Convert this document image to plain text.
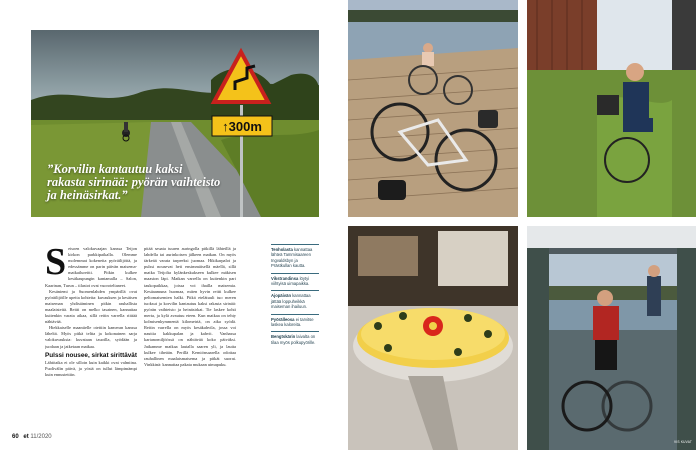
↑300m
”Korvilin kantautuu kaksi rakasta sirinää: pyörän vaihteisto ja heinäsirkat.”
S eisoen valokuvaajan kanssa Teijon kirkon parkkipaikalla. Olemme molemmat kokeneita pyöräilijöitä, ja edessämme on parin päivän maisema-matkailureitti. Pitkin kulkee kesäkaupungin kantamalla – Salon, Kaarinan, Turun – tilastot ovat vuoroteltaneet.

Kesäniemi ja Suomenlahden ympärillä ovat pyöräilijöille upeita kohteita: kuvauksen ja kesäisen maiseman yhdistäminen pitkin rauhallista maalaisteitä. Reitti on melko tasainen, kannattaa kuitenkin varata aikaa, sillä reitin varrella riittää nähtävää.

Hiekkaiselle maantielle otettiin kameran kanssa läheltä. Myös pitkä teltta ja kokonainen sarja valokuvauksia: kuvataan tauoilla, syödään ja juodaan ja jatketaan matkaa.

Pulssi nousee, sirkat sirittävät

Lähtöaika ei ole silloin kuin kaikki ovat valmiina. Puolivälin päivä, ja yöstä on tullut lämpimämpi kuin ennustettiin.

pitää seuata tuuren auringolla pitkillä lähteillä ja lahdella tai aurinkoisen jälkeen matkan. On myös tärkeää varata tarpeeksi juomaa. Hikikarpalot ja pulssi nousevat heti ensimmäisellä mäellä, sillä matka Teijolta kylänkeskukseen kulkee mäkisen maaston läpi. Matkan varrella on kuitenkin pari taukopaikkaa, joissa voi ihailla maisemia. Kesäaamuna huomaa, miten hyvin reitti kulkee peltomaisemien halki. Pitkä etelätuuli tuo meren tuoksut ja korvilin kantautuu kaksi rakasta sirinää: pyörän vaihteisto ja heinäsirkat. Tie laskee kohti merta, ja kylä avautuu eteen. Kun matkaa on tehty kolmisenkymmentä kilometriä, on aika syödä. Reitin varrella on myös kesäkahvila, jossa voi nauttia kakkupalan ja kahvit. Vanhassa kartanomiljöössä on nähtävää koko päiväksi. Jatkamme matkaa lautalla saaren yli, ja lautta kulkee tiheään. Perillä Kemiönsaarella odottaa rauhallinen maalaismaisema ja pitkät suorat. Vinkkinä: kannattaa pakata mukaan uimapuku.

Tenholasta kannattaa lähteä Tammisaareen Ingvaldsbyn ja Prästkullan kautta.
Vikstrandinsa löytyi viihtyisä uimapaikka.
Ajopäivän kannattaa jättää loppuheikkä maiseman ihailuun.
Pyörälleosa ei tarvitse laskea kaloreita.
Bengtskärin laivalta on tilaa myös polkupyörille.
60 et 11/2020
VIS KUVAT
